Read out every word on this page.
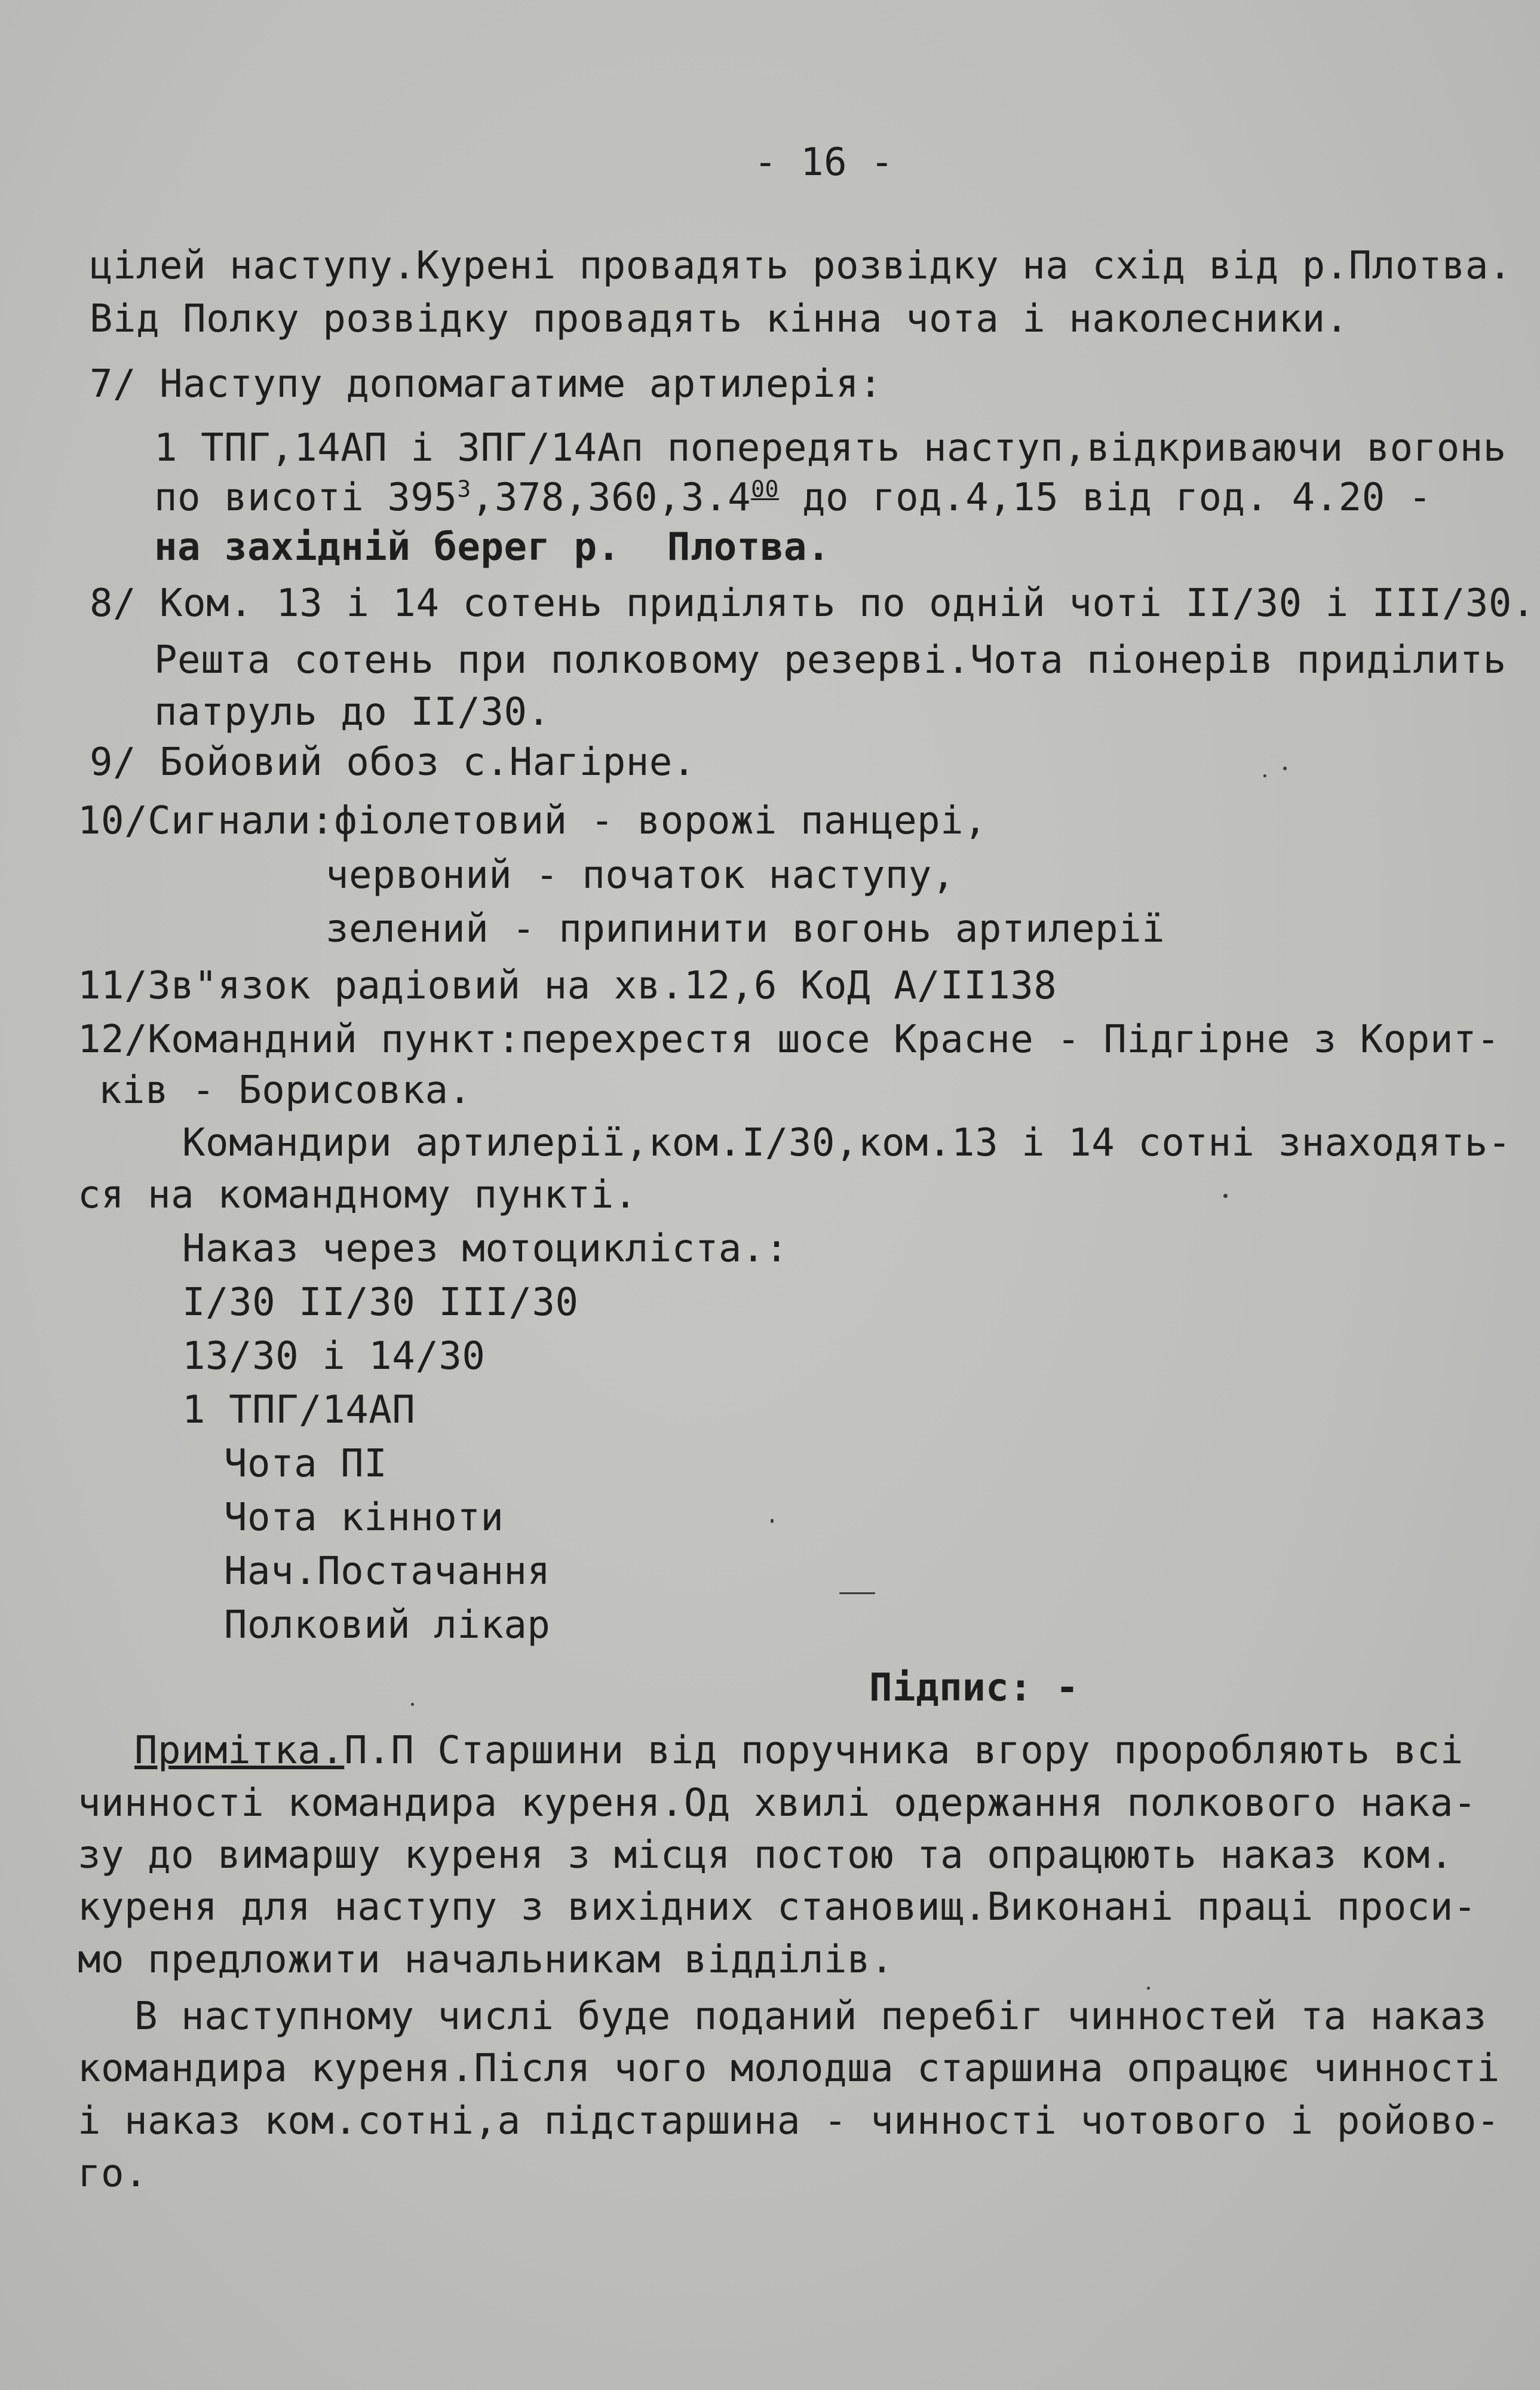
- 16 -
цілей наступу.Курені провадять розвідку на схід від р.Плотва.
Від Полку розвідку провадять кінна чота і наколесники.
7/ Наступу допомагатиме артилерія:
1 ТПГ,14АП і ЗПГ/14Ап попередять наступ,відкриваючи вогонь
по висоті $395^3,378,360,3.4^{00}$ до год.4,15 від год. 4.20 -
на західній берег р.  Плотва.
8/ Ком. 13 і 14 сотень приділять по одній чоті II/30 і III/30.
Решта сотень при полковому резерві.Чота піонерів приділить
патруль до II/30.
9/ Бойовий обоз с.Нагірне.
10/Сигнали:фіолетовий - ворожі панцері,
червоний - початок наступу,
зелений - припинити вогонь артилерії
11/Зв"язок радіовий на хв.12,6 КоД А/II138
12/Командний пункт:перехрестя шосе Красне - Підгірне з Корит-
ків - Борисовка.
Командири артилерії,ком.I/30,ком.13 і 14 сотні знаходять-
ся на командному пункті.
Наказ через мотоцикліста.:
I/30 II/30 III/30
13/30 і 14/30
1 ТПГ/14АП
Чота ПІ
Чота кінноти
Нач.Постачання
Полковий лікар
Підпис: -
Примітка.П.П Старшини від поручника вгору проробляють всі
чинності командира куреня.Од хвилі одержання полкового нака-
зу до вимаршу куреня з місця постою та опрацюють наказ ком.
куреня для наступу з вихідних становищ.Виконані праці проси-
мо предложити начальникам відділів.
В наступному числі буде поданий перебіг чинностей та наказ
командира куреня.Після чого молодша старшина опрацює чинності
і наказ ком.сотні,а підстаршина - чинності чотового і ройово-
го.
